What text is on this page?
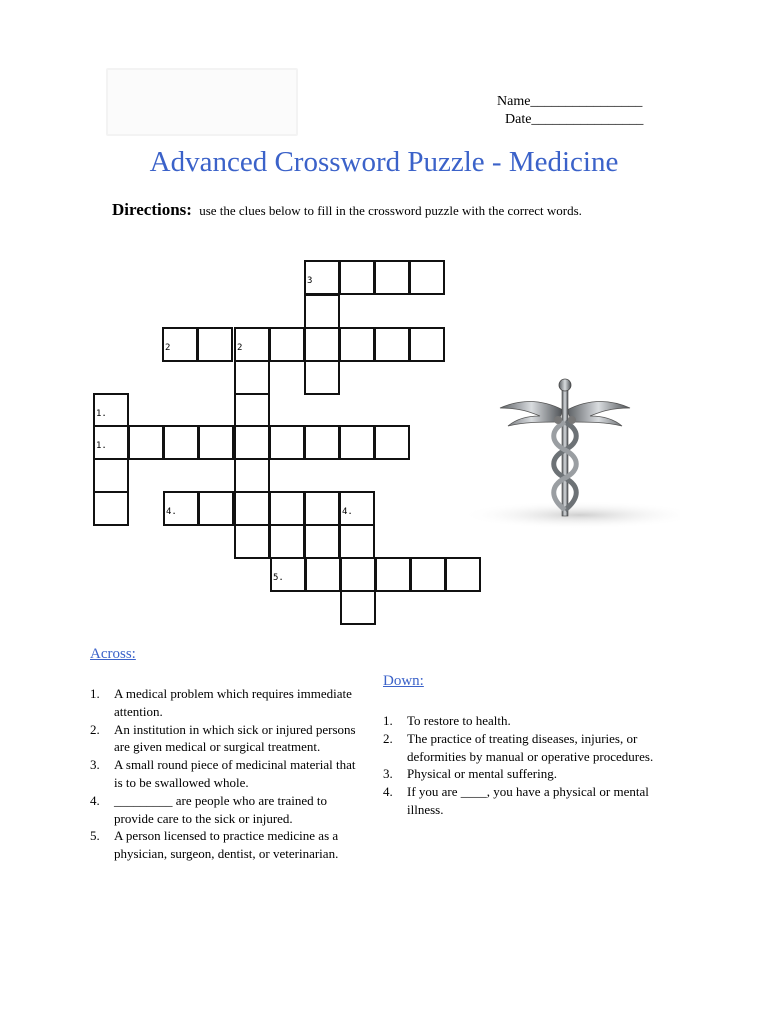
Name________________
Date________________
Advanced Crossword Puzzle - Medicine
Directions: use the clues below to fill in the crossword puzzle with the correct words.
3
2	2
1.
1.
4.	4.
5.
Across:
1. A medical problem which requires immediate attention.
2. An institution in which sick or injured persons are given medical or surgical treatment.
3. A small round piece of medicinal material that is to be swallowed whole.
4. _________ are people who are trained to provide care to the sick or injured.
5. A person licensed to practice medicine as a physician, surgeon, dentist, or veterinarian.
Down:
1. To restore to health.
2. The practice of treating diseases, injuries, or deformities by manual or operative procedures.
3. Physical or mental suffering.
4. If you are ____, you have a physical or mental illness.
